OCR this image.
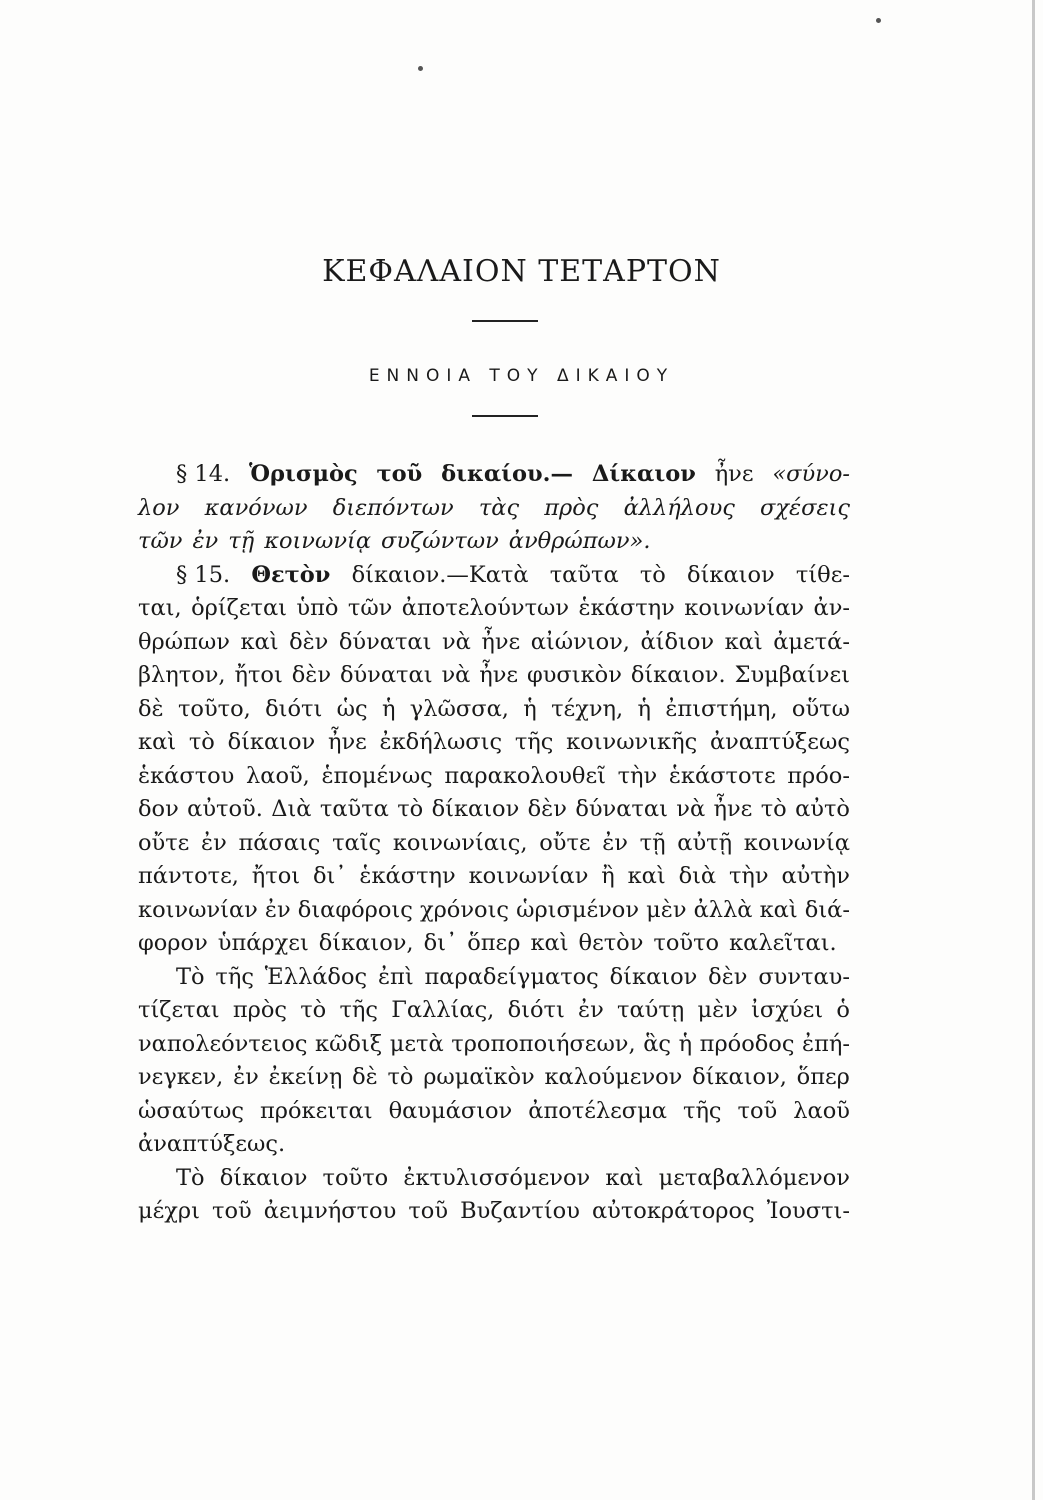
ΚΕΦΑΛΑΙΟΝ ΤΕΤΑΡΤΟΝ
ΕΝΝΟΙΑ ΤΟΥ ΔΙΚΑΙΟΥ
§ 14. Ὁρισμὸς τοῦ δικαίου.— Δίκαιον ἦνε «σύνο-
λον κανόνων διεπόντων τὰς πρὸς ἀλλήλους σχέσεις
τῶν ἐν τῇ κοινωνίᾳ συζώντων ἀνθρώπων».
§ 15. Θετὸν δίκαιον.—Κατὰ ταῦτα τὸ δίκαιον τίθε-
ται, ὁρίζεται ὑπὸ τῶν ἀποτελούντων ἑκάστην κοινωνίαν ἀν-
θρώπων καὶ δὲν δύναται νὰ ἦνε αἰώνιον, ἀίδιον καὶ ἀμετά-
βλητον, ἤτοι δὲν δύναται νὰ ἦνε φυσικὸν δίκαιον. Συμβαίνει
δὲ τοῦτο, διότι ὡς ἡ γλῶσσα, ἡ τέχνη, ἡ ἐπιστήμη, οὕτω
καὶ τὸ δίκαιον ἦνε ἐκδήλωσις τῆς κοινωνικῆς ἀναπτύξεως
ἑκάστου λαοῦ, ἑπομένως παρακολουθεῖ τὴν ἑκάστοτε πρόο-
δον αὐτοῦ. Διὰ ταῦτα τὸ δίκαιον δὲν δύναται νὰ ἦνε τὸ αὐτὸ
οὔτε ἐν πάσαις ταῖς κοινωνίαις, οὔτε ἐν τῇ αὐτῇ κοινωνίᾳ
πάντοτε, ἤτοι δι᾽ ἑκάστην κοινωνίαν ἢ καὶ διὰ τὴν αὐτὴν
κοινωνίαν ἐν διαφόροις χρόνοις ὡρισμένον μὲν ἀλλὰ καὶ διά-
φορον ὑπάρχει δίκαιον, δι᾽ ὅπερ καὶ θετὸν τοῦτο καλεῖται.
Τὸ τῆς Ἑλλάδος ἐπὶ παραδείγματος δίκαιον δὲν συνταυ-
τίζεται πρὸς τὸ τῆς Γαλλίας, διότι ἐν ταύτῃ μὲν ἰσχύει ὁ
ναπολεόντειος κῶδιξ μετὰ τροποποιήσεων, ἃς ἡ πρόοδος ἐπή-
νεγκεν, ἐν ἐκείνῃ δὲ τὸ ρωμαϊκὸν καλούμενον δίκαιον, ὅπερ
ὡσαύτως πρόκειται θαυμάσιον ἀποτέλεσμα τῆς τοῦ λαοῦ
ἀναπτύξεως.
Τὸ δίκαιον τοῦτο ἐκτυλισσόμενον καὶ μεταβαλλόμενον
μέχρι τοῦ ἀειμνήστου τοῦ Βυζαντίου αὐτοκράτορος Ἰουστι-
